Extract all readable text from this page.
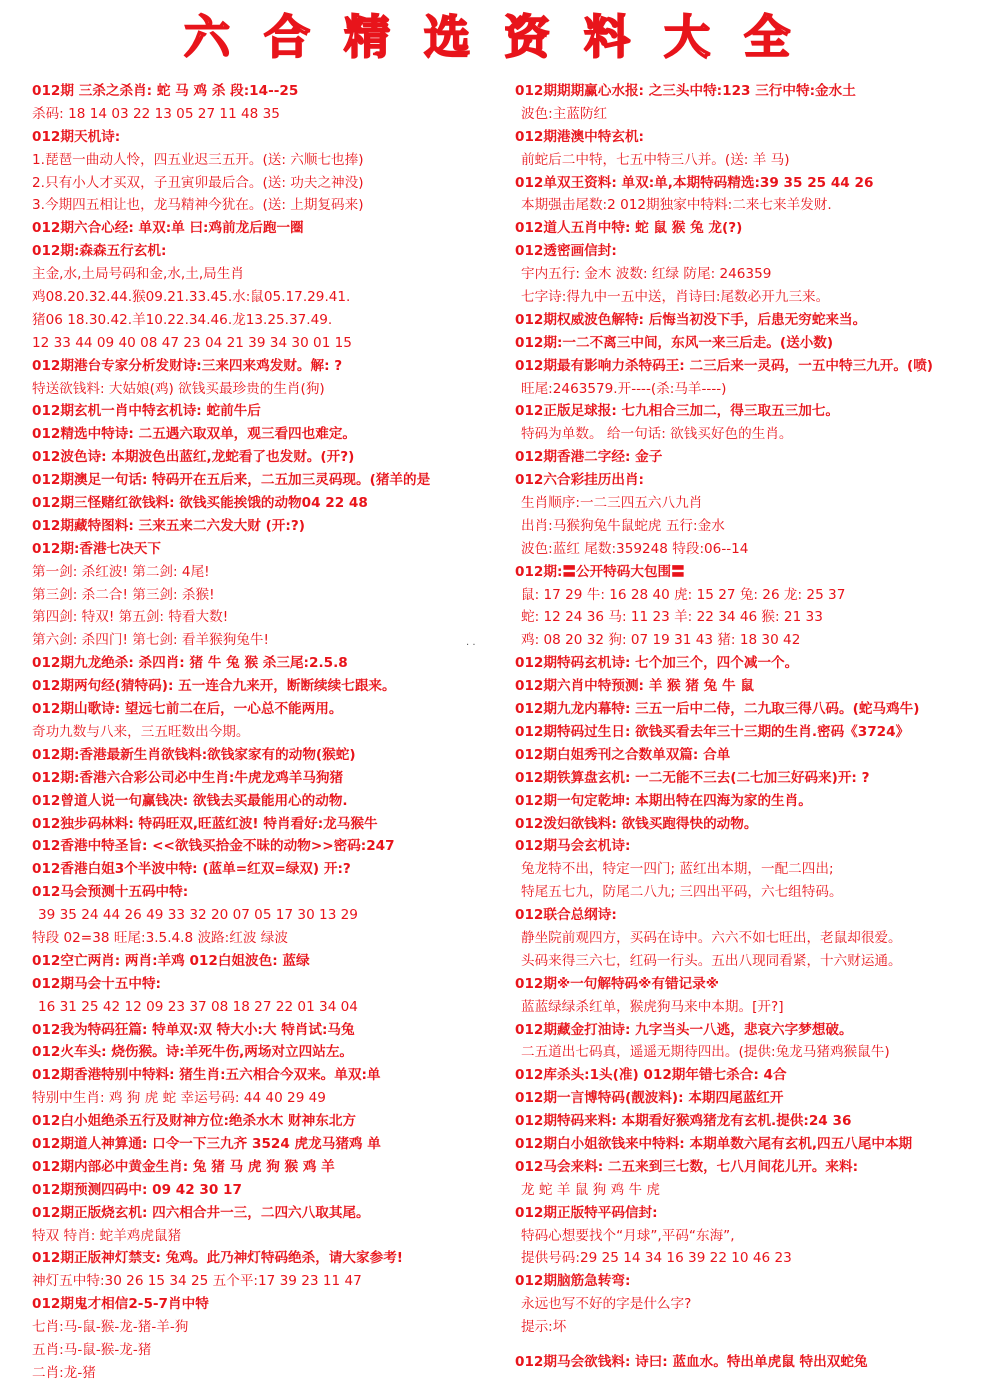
六合精选资料大全
012期 三杀之杀肖: 蛇 马 鸡 杀 段:14--25
杀码: 18 14 03 22 13 05 27 11 48 35
012期天机诗:
1.琵琶一曲动人怜，四五业迟三五开。(送: 六顺七也捧)
2.只有小人才买双，子丑寅卯最后合。(送: 功夫之神没)
3.今期四五相让也，龙马精神今犹在。(送: 上期复码来)
012期六合心经: 单双:单 曰:鸡前龙后跑一圈
012期:森森五行玄机:
主金,水,土局号码和金,水,土,局生肖
鸡08.20.32.44.猴09.21.33.45.水:鼠05.17.29.41.
猪06 18.30.42.羊10.22.34.46.龙13.25.37.49.
12 33 44 09 40 08 47 23 04 21 39 34 30 01 15
012期港台专家分析发财诗:三来四来鸡发财。解: ?
特送欲钱料: 大姑娘(鸡) 欲钱买最珍贵的生肖(狗)
012期玄机一肖中特玄机诗: 蛇前牛后
012精选中特诗: 二五遇六取双单，观三看四也难定。
012波色诗: 本期波色出蓝红,龙蛇看了也发财。(开?)
012期澳足一句话: 特码开在五后来，二五加三灵码现。(猪羊的是
012期三怪赌红欲钱料: 欲钱买能挨饿的动物04 22 48
012期藏特图料: 三来五来二六发大财 (开:?)
012期:香港七决天下
第一剑: 杀红波! 第二剑: 4尾!
第三剑: 杀二合! 第三剑: 杀猴!
第四剑: 特双! 第五剑: 特看大数!
第六剑: 杀四门! 第七剑: 看羊猴狗兔牛!
012期九龙绝杀: 杀四肖: 猪 牛 兔 猴 杀三尾:2.5.8
012期两句经(猜特码): 五一连合九来开，断断续续七跟来。
012期山歌诗: 望远七前二在后，一心总不能两用。
奇功九数与八来，三五旺数出今期。
012期:香港最新生肖欲钱料:欲钱家家有的动物(猴蛇)
012期:香港六合彩公司必中生肖:牛虎龙鸡羊马狗猪
012曾道人说一句赢钱决: 欲钱去买最能用心的动物.
012独步码林料: 特码旺双,旺蓝红波! 特肖看好:龙马猴牛
012香港中特圣旨: <<欲钱买拾金不昧的动物>>密码:247
012香港白姐3个半波中特: (蓝单=红双=绿双) 开:?
012马会预测十五码中特:
39 35 24 44 26 49 33 32 20 07 05 17 30 13 29
特段 02=38 旺尾:3.5.4.8 波路:红波 绿波
012空亡两肖: 两肖:羊鸡 012白姐波色: 蓝绿
012期马会十五中特:
16 31 25 42 12 09 23 37 08 18 27 22 01 34 04
012我为特码狂篇: 特单双:双 特大小:大 特肖试:马兔
012火车头: 烧伤猴。诗:羊死牛伤,两场对立四站左。
012期香港特别中特料: 猪生肖:五六相合今双来。单双:单
特别中生肖: 鸡 狗 虎 蛇 幸运号码: 44 40 29 49
012白小姐绝杀五行及财神方位:绝杀水木 财神东北方
012期道人神算通: 口令一下三九齐 3524 虎龙马猪鸡 单
012期内部必中黄金生肖: 兔 猪 马 虎 狗 猴 鸡 羊
012期预测四码中: 09 42 30 17
012期正版烧玄机: 四六相合井一三，二四六八取其尾。
特双 特肖: 蛇羊鸡虎鼠猪
012期正版神灯禁支: 兔鸡。此乃神灯特码绝杀，请大家参考!
神灯五中特:30 26 15 34 25 五个平:17 39 23 11 47
012期鬼才相信2-5-7肖中特
七肖:马-鼠-猴-龙-猪-羊-狗
五肖:马-鼠-猴-龙-猪
二肖:龙-猪
012期期期赢心水报: 之三头中特:123 三行中特:金水土
波色:主蓝防红
012期港澳中特玄机:
前蛇后二中特，七五中特三八并。(送: 羊 马)
012单双王资料: 单双:单,本期特码精选:39 35 25 44 26
本期强击尾数:2 012期独家中特料:二来七来羊发财.
012道人五肖中特: 蛇 鼠 猴 兔 龙(?)
012透密画信封:
宇内五行: 金木 波数: 红绿 防尾: 246359
七字诗:得九中一五中送，肖诗曰:尾数必开九三来。
012期权威波色解特: 后悔当初没下手，后患无穷蛇来当。
012期:一二不离三中间，东风一来三后走。(送小数)
012期最有影响力杀特码王: 二三后来一灵码，一五中特三九开。(喷)
旺尾:2463579.开----(杀:马羊----)
012正版足球报: 七九相合三加二，得三取五三加七。
特码为单数。 给一句话: 欲钱买好色的生肖。
012期香港二字经: 金子
012六合彩挂历出肖:
生肖顺序:一二三四五六八九肖
出肖:马猴狗兔牛鼠蛇虎 五行:金水
波色:蓝红 尾数:359248 特段:06--14
012期:〓公开特码大包围〓
鼠: 17 29 牛: 16 28 40 虎: 15 27 兔: 26 龙: 25 37
蛇: 12 24 36 马: 11 23 羊: 22 34 46 猴: 21 33
鸡: 08 20 32 狗: 07 19 31 43 猪: 18 30 42
012期特码玄机诗: 七个加三个，四个减一个。
012期六肖中特预测: 羊 猴 猪 兔 牛 鼠
012期九龙内幕特: 三五一后中二侍，二九取三得八码。(蛇马鸡牛)
012期特码过生日: 欲钱买看去年三十三期的生肖.密码《3724》
012期白姐秀刊之合数单双篇: 合单
012期铁算盘玄机: 一二无能不三去(二七加三好码来)开: ?
012期一句定乾坤: 本期出特在四海为家的生肖。
012泼妇欲钱料: 欲钱买跑得快的动物。
012期马会玄机诗:
兔龙特不出，特定一四门; 蓝红出本期，一配二四出;
特尾五七九，防尾二八九; 三四出平码，六七组特码。
012联合总纲诗:
静坐院前观四方，买码在诗中。六六不如七旺出，老鼠却很爱。
头码来得三六七，红码一行头。五出八现同看紧，十六财运通。
012期※一句解特码※有错记录※
蓝蓝绿绿杀红单，猴虎狗马来中本期。[开?]
012期藏金打油诗: 九字当头一八逃，悲哀六字梦想破。
二五道出七码真，遥遥无期待四出。(提供:兔龙马猪鸡猴鼠牛)
012库杀头:1头(准) 012期年错七杀合: 4合
012期一言博特码(靓波料): 本期四尾蓝红开
012期特码来料: 本期看好猴鸡猪龙有玄机.提供:24 36
012期白小姐欲钱来中特料: 本期单数六尾有玄机,四五八尾中本期
012马会来料: 二五来到三七数，七八月间花儿开。来料:
龙 蛇 羊 鼠 狗 鸡 牛 虎
012期正版特平码信封:
特码心想要找个“月球”,平码“东海”,
提供号码:29 25 14 34 16 39 22 10 46 23
012期脑筋急转弯:
永远也写不好的字是什么字?
提示:坏
012期马会欲钱料: 诗曰: 蓝血水。特出单虎鼠 特出双蛇兔
· ·
